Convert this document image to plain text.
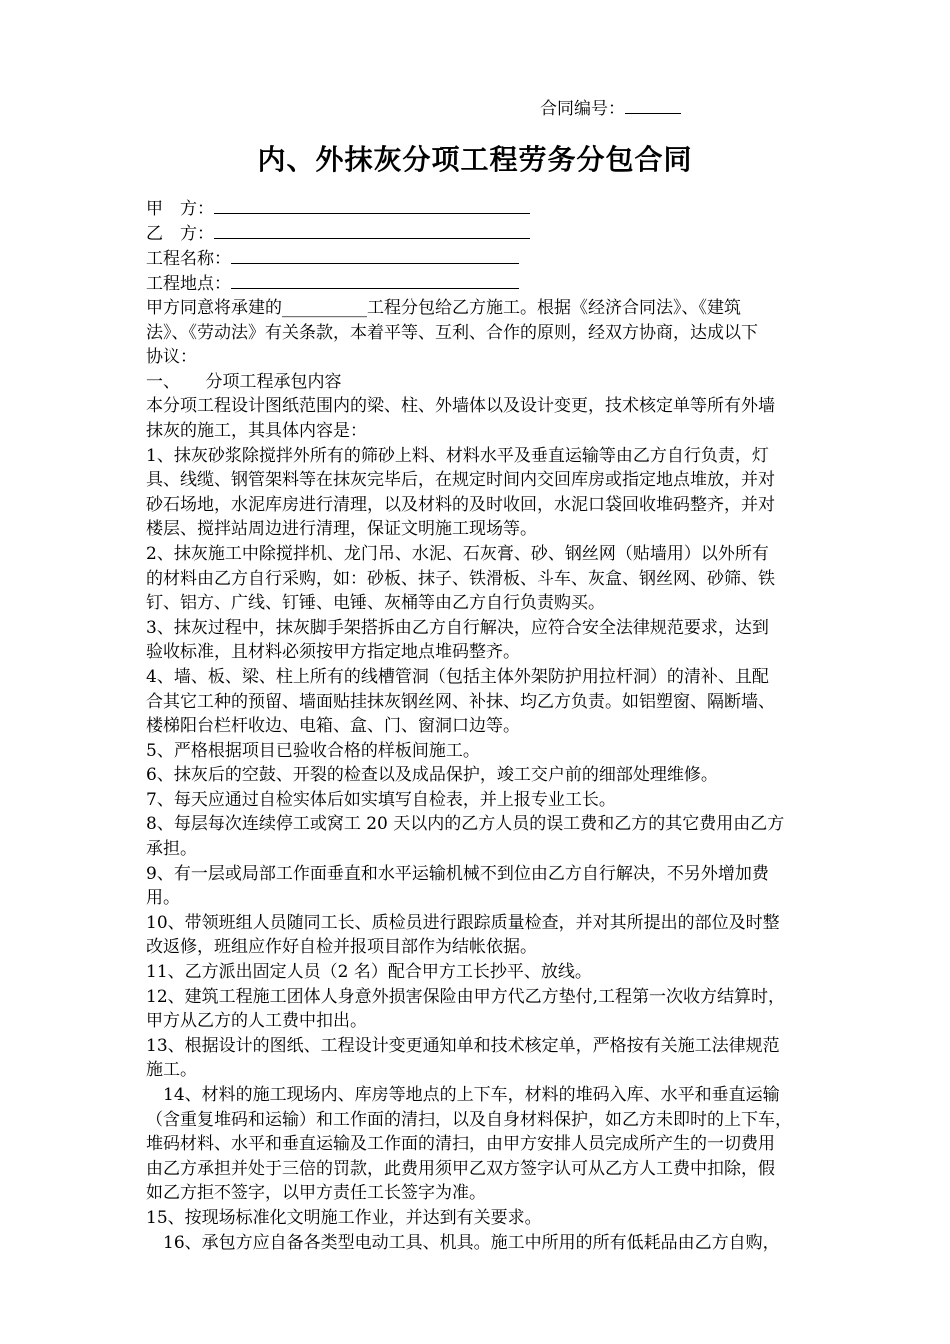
合同编号：
内、外抹灰分项工程劳务分包合同
甲　方：
乙　方：
工程名称：
工程地点：
甲方同意将承建的__________工程分包给乙方施工。根据《经济合同法》、《建筑
法》、《劳动法》有关条款，本着平等、互利、合作的原则，经双方协商，达成以下
协议：
一、　　分项工程承包内容
本分项工程设计图纸范围内的梁、柱、外墙体以及设计变更，技术核定单等所有外墙
抹灰的施工，其具体内容是：
1、抹灰砂浆除搅拌外所有的筛砂上料、材料水平及垂直运输等由乙方自行负责，灯
具、线缆、钢管架料等在抹灰完毕后，在规定时间内交回库房或指定地点堆放，并对
砂石场地，水泥库房进行清理，以及材料的及时收回，水泥口袋回收堆码整齐，并对
楼层、搅拌站周边进行清理，保证文明施工现场等。
2、抹灰施工中除搅拌机、龙门吊、水泥、石灰膏、砂、钢丝网（贴墙用）以外所有
的材料由乙方自行采购，如：砂板、抹子、铁滑板、斗车、灰盒、钢丝网、砂筛、铁
钉、铝方、广线、钉锤、电锤、灰桶等由乙方自行负责购买。
3、抹灰过程中，抹灰脚手架搭拆由乙方自行解决，应符合安全法律规范要求，达到
验收标准，且材料必须按甲方指定地点堆码整齐。
4、墙、板、梁、柱上所有的线槽管洞（包括主体外架防护用拉杆洞）的清补、且配
合其它工种的预留、墙面贴挂抹灰钢丝网、补抹、均乙方负责。如铝塑窗、隔断墙、
楼梯阳台栏杆收边、电箱、盒、门、窗洞口边等。
5、严格根据项目已验收合格的样板间施工。
6、抹灰后的空鼓、开裂的检查以及成品保护，竣工交户前的细部处理维修。
7、每天应通过自检实体后如实填写自检表，并上报专业工长。
8、每层每次连续停工或窝工 20 天以内的乙方人员的误工费和乙方的其它费用由乙方
承担。
9、有一层或局部工作面垂直和水平运输机械不到位由乙方自行解决，不另外增加费
用。
10、带领班组人员随同工长、质检员进行跟踪质量检查，并对其所提出的部位及时整
改返修，班组应作好自检并报项目部作为结帐依据。
11、乙方派出固定人员（2 名）配合甲方工长抄平、放线。
12、建筑工程施工团体人身意外损害保险由甲方代乙方垫付,工程第一次收方结算时，
甲方从乙方的人工费中扣出。
13、根据设计的图纸、工程设计变更通知单和技术核定单，严格按有关施工法律规范
施工。
　14、材料的施工现场内、库房等地点的上下车，材料的堆码入库、水平和垂直运输
（含重复堆码和运输）和工作面的清扫，以及自身材料保护，如乙方未即时的上下车，
堆码材料、水平和垂直运输及工作面的清扫，由甲方安排人员完成所产生的一切费用
由乙方承担并处于三倍的罚款，此费用须甲乙双方签字认可从乙方人工费中扣除，假
如乙方拒不签字，以甲方责任工长签字为准。
15、按现场标准化文明施工作业，并达到有关要求。
　16、承包方应自备各类型电动工具、机具。施工中所用的所有低耗品由乙方自购，
